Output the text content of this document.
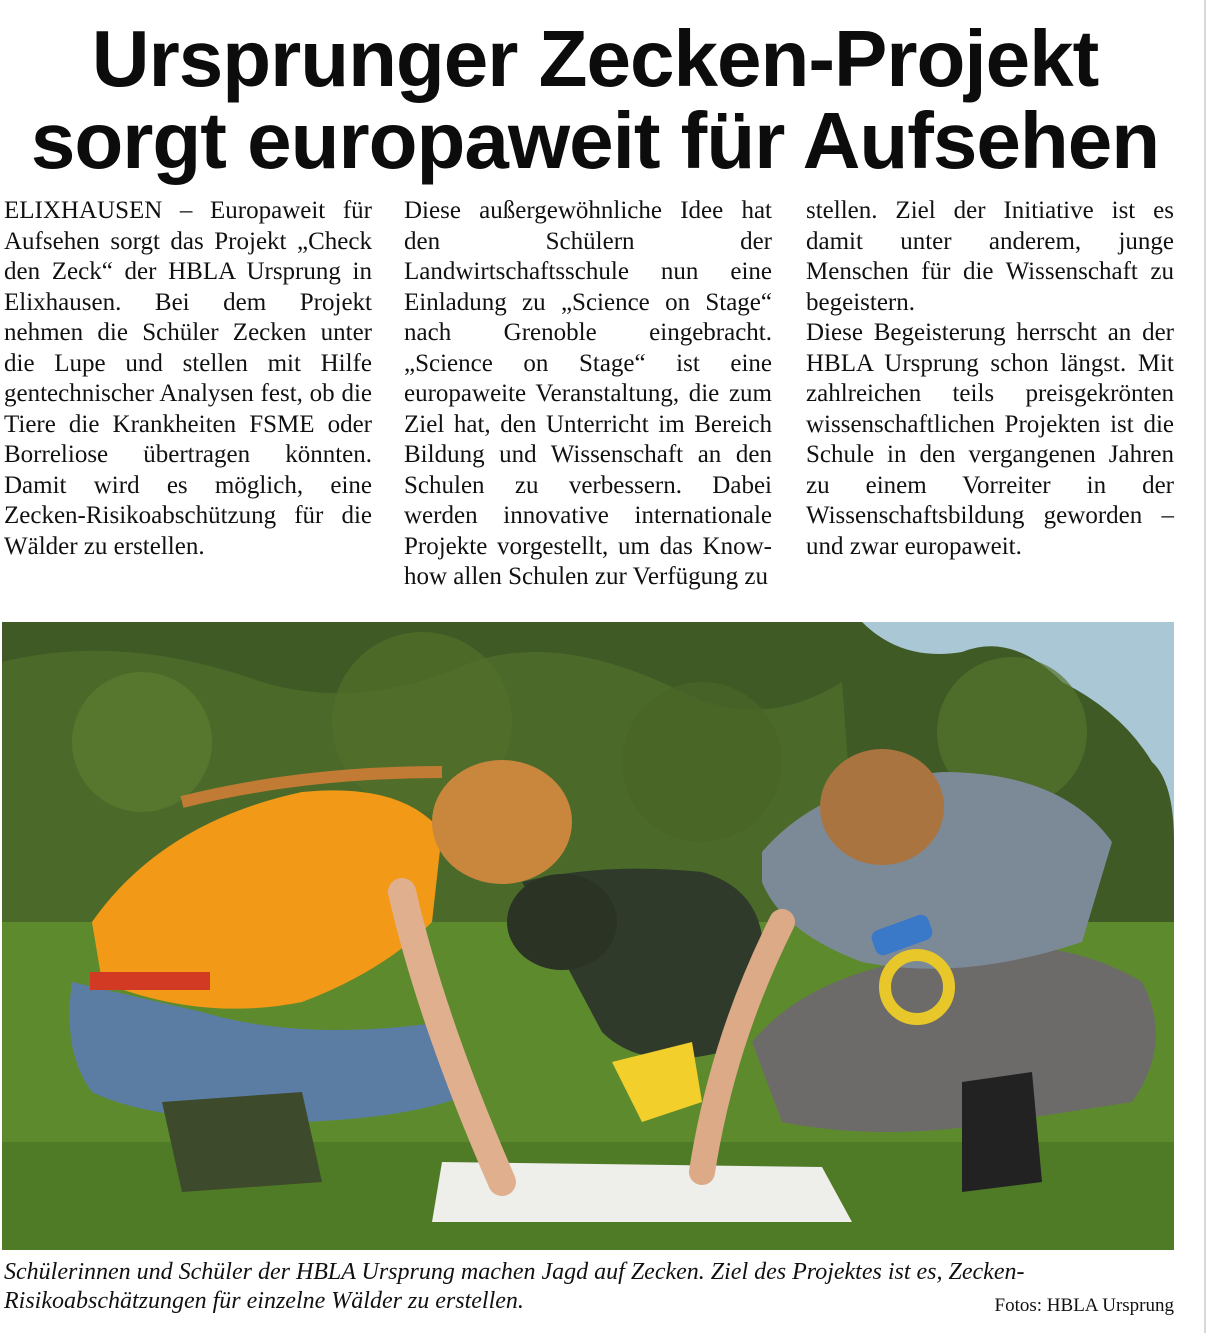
Ursprunger Zecken-Projekt
sorgt europaweit für Aufsehen

ELIXHAUSEN – Europaweit für Aufsehen sorgt das Projekt „Check den Zeck“ der HBLA Ursprung in Elixhausen. Bei dem Projekt nehmen die Schüler Zecken unter die Lupe und stellen mit Hilfe gentechnischer Analysen fest, ob die Tiere die Krankheiten FSME oder Borreliose übertragen könnten. Damit wird es möglich, eine Zecken-Risikoabschützung für die Wälder zu erstellen.

Diese außergewöhnliche Idee hat den Schülern der Landwirtschaftsschule nun eine Einladung zu „Science on Stage“ nach Grenoble eingebracht. „Science on Stage“ ist eine europaweite Veranstaltung, die zum Ziel hat, den Unterricht im Bereich Bildung und Wissenschaft an den Schulen zu verbessern. Dabei werden innovative internationale Projekte vorgestellt, um das Know-how allen Schulen zur Verfügung zu

stellen. Ziel der Initiative ist es damit unter anderem, junge Menschen für die Wissenschaft zu begeistern.

Diese Begeisterung herrscht an der HBLA Ursprung schon längst. Mit zahlreichen teils preisgekrönten wissenschaftlichen Projekten ist die Schule in den vergangenen Jahren zu einem Vorreiter in der Wissenschaftsbildung geworden – und zwar europaweit.

Schülerinnen und Schüler der HBLA Ursprung machen Jagd auf Zecken. Ziel des Projektes ist es, Zecken-Risikoabschätzungen für einzelne Wälder zu erstellen.	Fotos: HBLA Ursprung
